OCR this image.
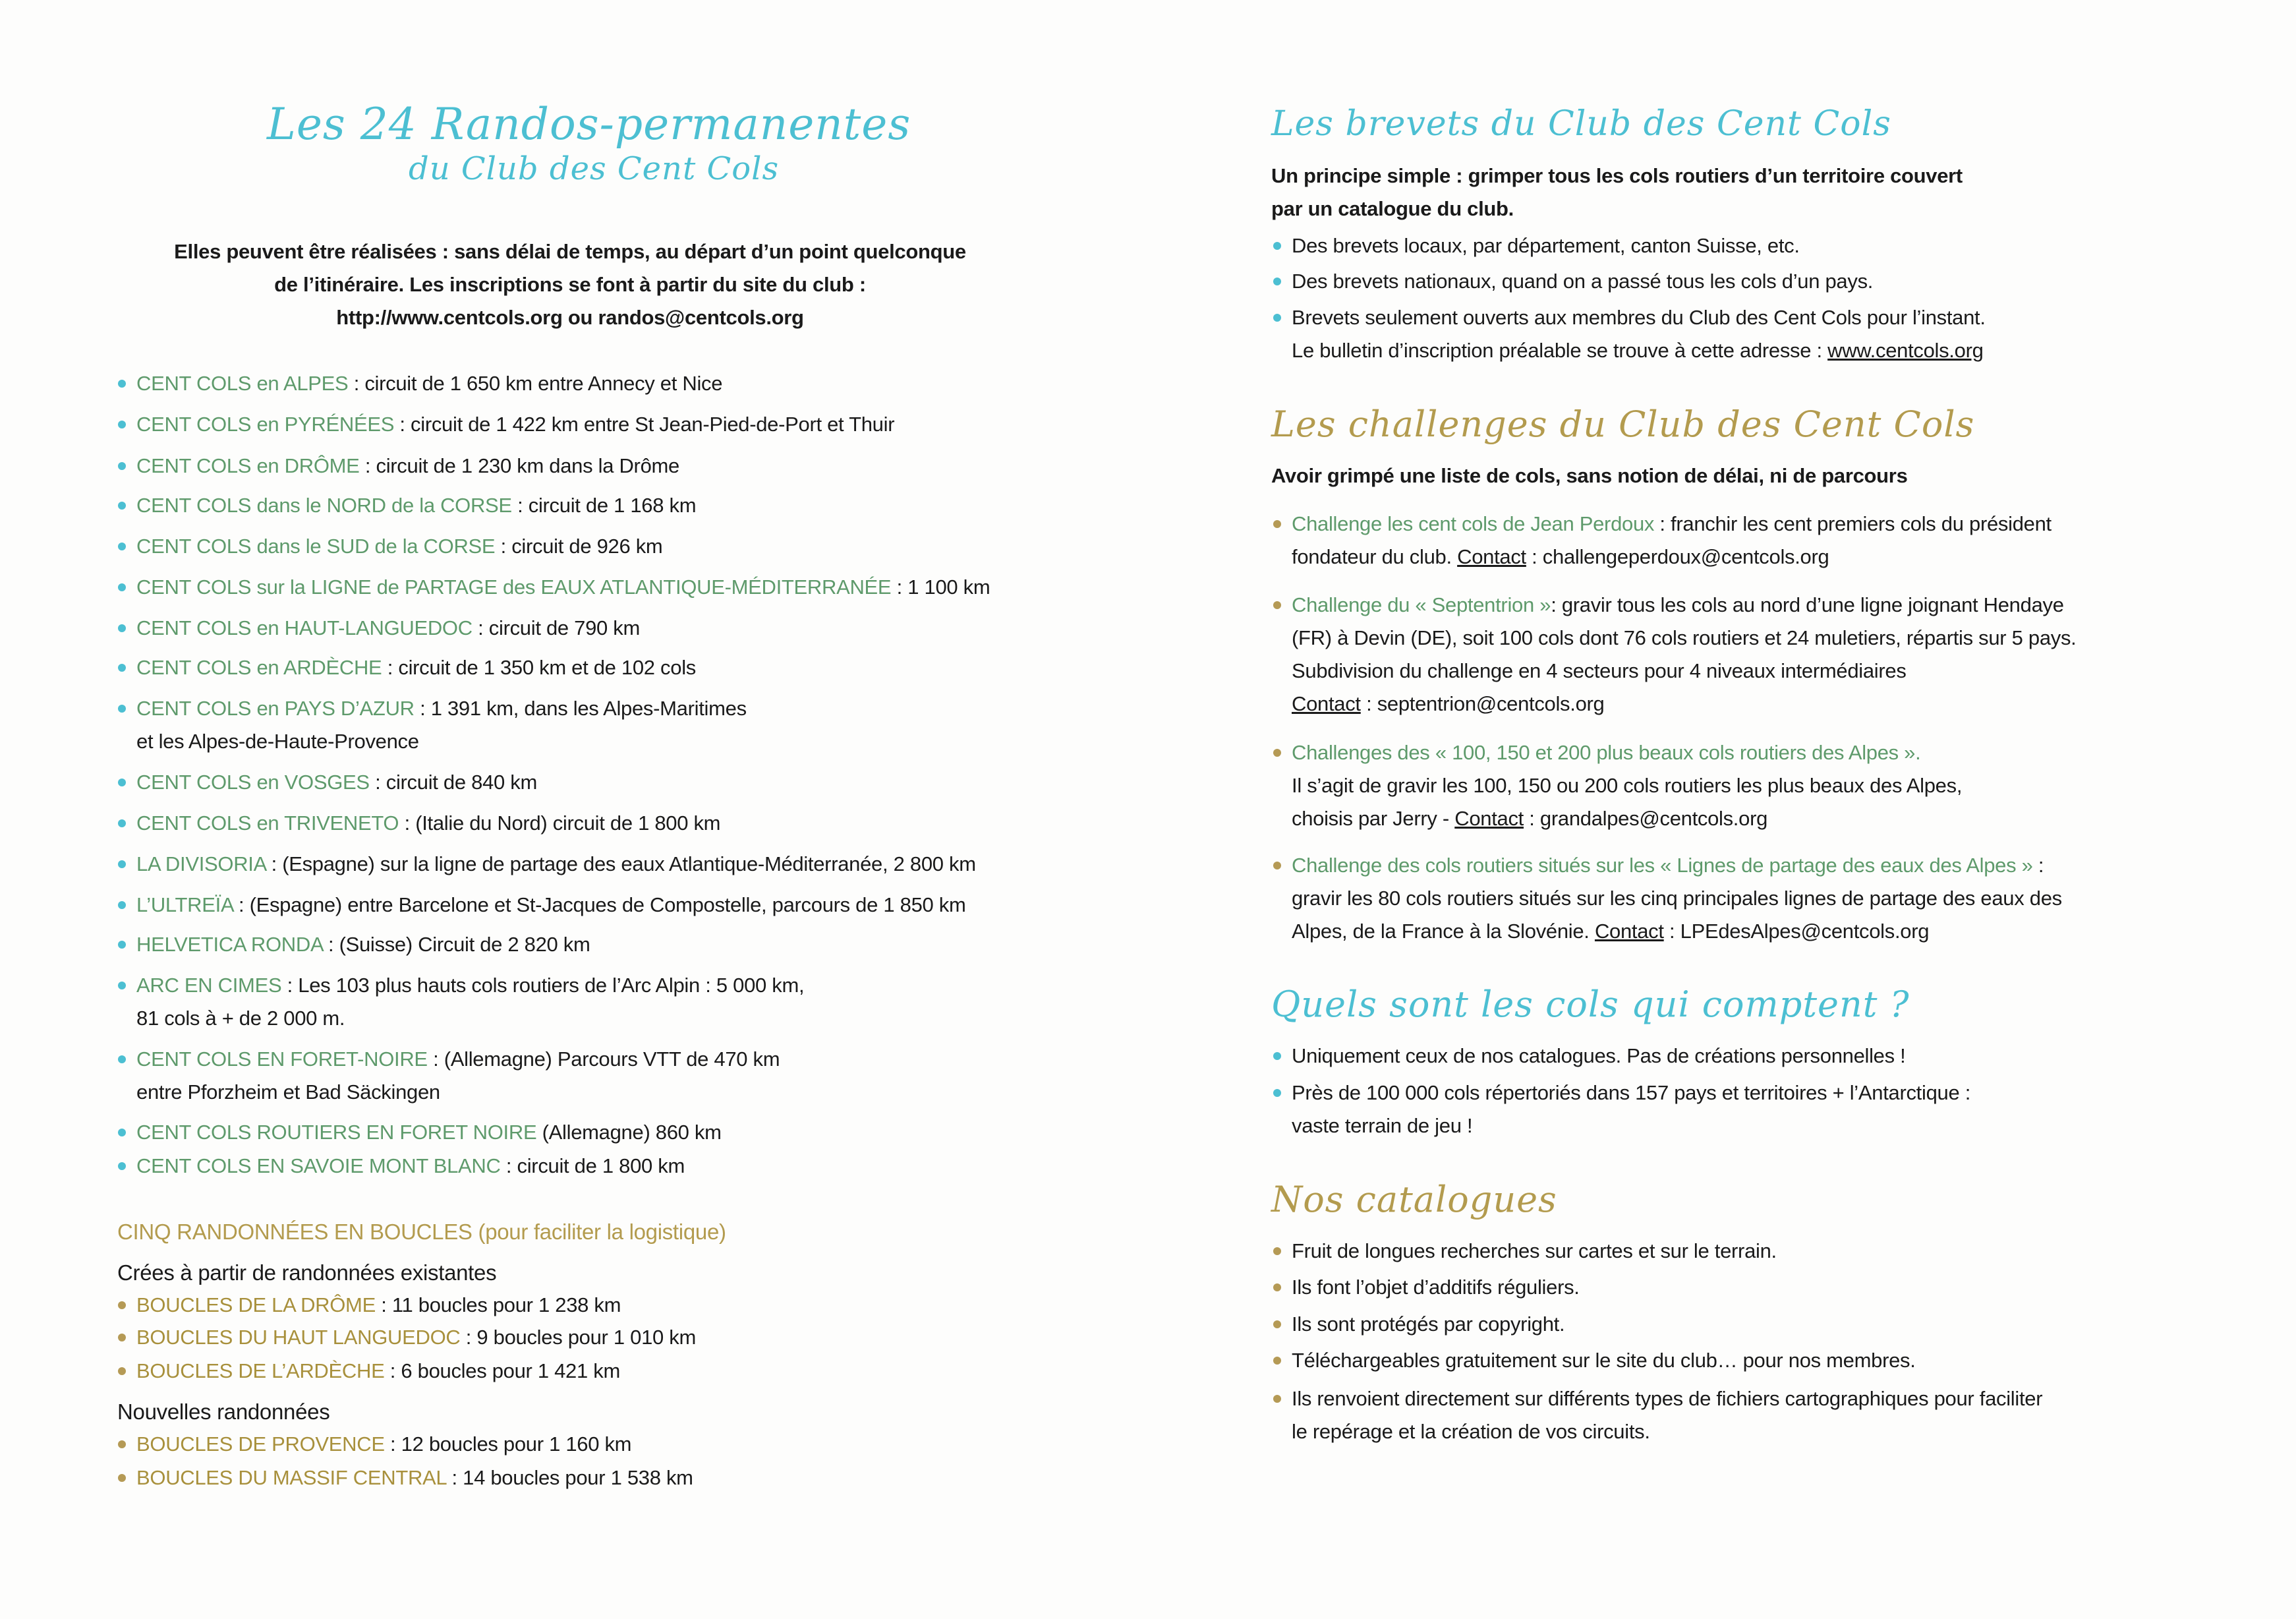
Les 24 Randos-permanentes
du Club des Cent Cols
Elles peuvent être réalisées : sans délai de temps, au départ d’un point quelconque
de l’itinéraire. Les inscriptions se font à partir du site du club :
http://www.centcols.org ou randos@centcols.org
CENT COLS en ALPES : circuit de 1 650 km entre Annecy et Nice
CENT COLS en PYRÉNÉES : circuit de 1 422 km entre St Jean-Pied-de-Port et Thuir
CENT COLS en DRÔME : circuit de 1 230 km dans la Drôme
CENT COLS dans le NORD de la CORSE : circuit de 1 168 km
CENT COLS dans le SUD de la CORSE : circuit de 926 km
CENT COLS sur la LIGNE de PARTAGE des EAUX ATLANTIQUE-MÉDITERRANÉE : 1 100 km
CENT COLS en HAUT-LANGUEDOC : circuit de 790 km
CENT COLS en ARDÈCHE : circuit de 1 350 km et de 102 cols
CENT COLS en PAYS D’AZUR : 1 391 km, dans les Alpes-Maritimes
et les Alpes-de-Haute-Provence
CENT COLS en VOSGES : circuit de 840 km
CENT COLS en TRIVENETO : (Italie du Nord) circuit de 1 800 km
LA DIVISORIA : (Espagne) sur la ligne de partage des eaux Atlantique-Méditerranée, 2 800 km
L’ULTREÏA : (Espagne) entre Barcelone et St-Jacques de Compostelle, parcours de 1 850 km
HELVETICA RONDA : (Suisse) Circuit de 2 820 km
ARC EN CIMES : Les 103 plus hauts cols routiers de l’Arc Alpin : 5 000 km,
81 cols à + de 2 000 m.
CENT COLS EN FORET-NOIRE : (Allemagne) Parcours VTT de 470 km
entre Pforzheim et Bad Säckingen
CENT COLS ROUTIERS EN FORET NOIRE (Allemagne) 860 km
CENT COLS EN SAVOIE MONT BLANC : circuit de 1 800 km
BOUCLES DE LA DRÔME : 11 boucles pour 1 238 km
BOUCLES DU HAUT LANGUEDOC : 9 boucles pour 1 010 km
BOUCLES DE L’ARDÈCHE : 6 boucles pour 1 421 km
BOUCLES DE PROVENCE : 12 boucles pour 1 160 km
BOUCLES DU MASSIF CENTRAL : 14 boucles pour 1 538 km
CINQ RANDONNÉES EN BOUCLES (pour faciliter la logistique)
Crées à partir de randonnées existantes
Nouvelles randonnées
Les brevets du Club des Cent Cols
Un principe simple : grimper tous les cols routiers d’un territoire couvert
par un catalogue du club.
Les challenges du Club des Cent Cols
Avoir grimpé une liste de cols, sans notion de délai, ni de parcours
Quels sont les cols qui comptent ?
Nos catalogues
Des brevets locaux, par département, canton Suisse, etc.
Des brevets nationaux, quand on a passé tous les cols d’un pays.
Brevets seulement ouverts aux membres du Club des Cent Cols pour l’instant.
Le bulletin d’inscription préalable se trouve à cette adresse : www.centcols.org
Uniquement ceux de nos catalogues. Pas de créations personnelles !
Près de 100 000 cols répertoriés dans 157 pays et territoires + l’Antarctique :
vaste terrain de jeu !
Fruit de longues recherches sur cartes et sur le terrain.
Ils font l’objet d’additifs réguliers.
Ils sont protégés par copyright.
Téléchargeables gratuitement sur le site du club… pour nos membres.
Ils renvoient directement sur différents types de fichiers cartographiques pour faciliter
le repérage et la création de vos circuits.
Challenge les cent cols de Jean Perdoux : franchir les cent premiers cols du président
fondateur du club. Contact : challengeperdoux@centcols.org
Challenge du « Septentrion »: gravir tous les cols au nord d’une ligne joignant Hendaye
(FR) à Devin (DE), soit 100 cols dont 76 cols routiers et 24 muletiers, répartis sur 5 pays.
Subdivision du challenge en 4 secteurs pour 4 niveaux intermédiaires
Contact : septentrion@centcols.org
Challenges des « 100, 150 et 200 plus beaux cols routiers des Alpes ».
Il s’agit de gravir les 100, 150 ou 200 cols routiers les plus beaux des Alpes,
choisis par Jerry - Contact : grandalpes@centcols.org
Challenge des cols routiers situés sur les « Lignes de partage des eaux des Alpes » :
gravir les 80 cols routiers situés sur les cinq principales lignes de partage des eaux des
Alpes, de la France à la Slovénie. Contact : LPEdesAlpes@centcols.org
